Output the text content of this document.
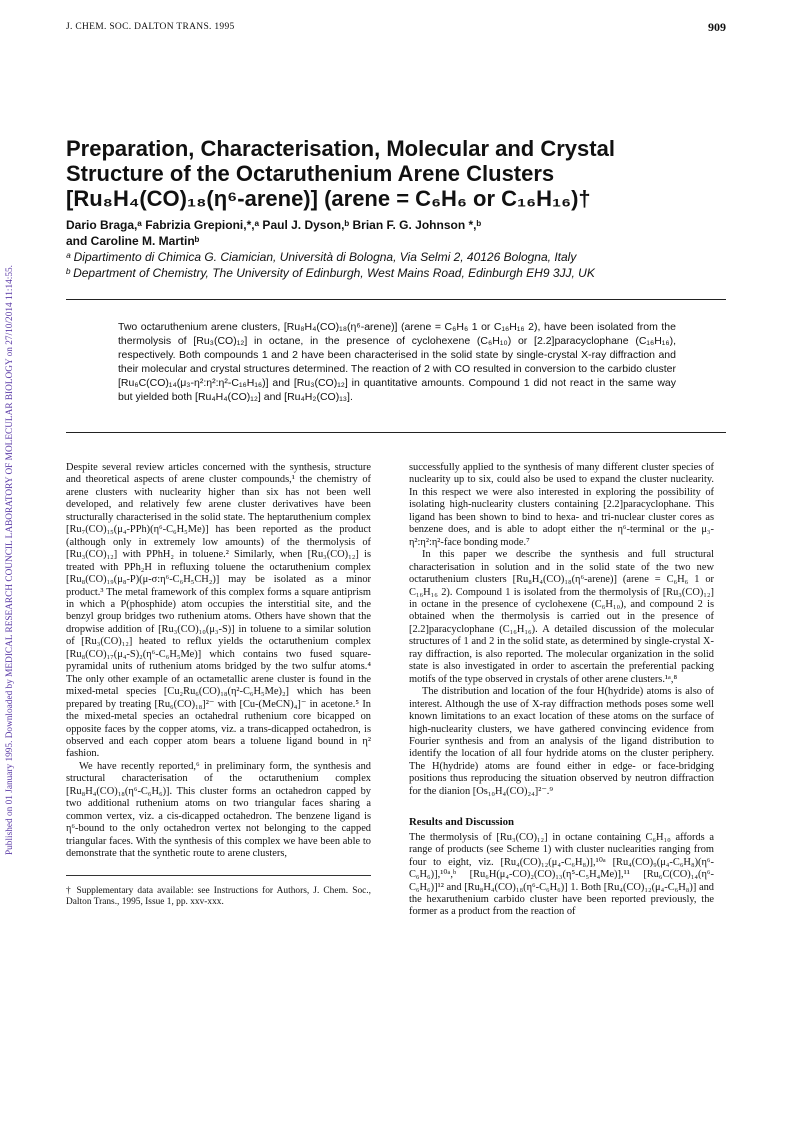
Published on 01 January 1995. Downloaded by MEDICAL RESEARCH COUNCIL LABORATORY OF MOLECULAR BIOLOGY on 27/10/2014 11:14:55.
J. CHEM. SOC. DALTON TRANS. 1995	909
Preparation, Characterisation, Molecular and Crystal
Structure of the Octaruthenium Arene Clusters
[Ru₈H₄(CO)₁₈(η⁶-arene)] (arene = C₆H₆ or C₁₆H₁₆)†
Dario Braga,ᵃ Fabrizia Grepioni,*,ᵃ Paul J. Dyson,ᵇ Brian F. G. Johnson *,ᵇ
and Caroline M. Martinᵇ
ᵃ Dipartimento di Chimica G. Ciamician, Università di Bologna, Via Selmi 2, 40126 Bologna, Italy
ᵇ Department of Chemistry, The University of Edinburgh, West Mains Road, Edinburgh EH9 3JJ, UK
Two octaruthenium arene clusters, [Ru₈H₄(CO)₁₈(η⁶-arene)] (arene = C₆H₆ 1 or C₁₆H₁₆ 2), have been isolated from the thermolysis of [Ru₃(CO)₁₂] in octane, in the presence of cyclohexene (C₆H₁₀) or [2.2]paracyclophane (C₁₆H₁₆), respectively. Both compounds 1 and 2 have been characterised in the solid state by single-crystal X-ray diffraction and their molecular and crystal structures determined. The reaction of 2 with CO resulted in conversion to the carbido cluster [Ru₆C(CO)₁₄(μ₃-η²:η²:η²-C₁₆H₁₆)] and [Ru₃(CO)₁₂] in quantitative amounts. Compound 1 did not react in the same way but yielded both [Ru₄H₄(CO)₁₂] and [Ru₄H₂(CO)₁₃].

Despite several review articles concerned with the synthesis, structure and theoretical aspects of arene cluster compounds,¹ the chemistry of arene clusters with nuclearity higher than six has not been well developed, and relatively few arene cluster derivatives have been structurally characterised in the solid state. The heptaruthenium complex [Ru₇(CO)₁₅(μ₄-PPh)(η⁶-C₆H₅Me)] has been reported as the product (although only in extremely low amounts) of the thermolysis of [Ru₃(CO)₁₂] with PPhH₂ in toluene.² Similarly, when [Ru₃(CO)₁₂] is treated with PPh₂H in refluxing toluene the octaruthenium complex [Ru₈(CO)₁₉(μ₈-P)(μ-σ:η⁶-C₆H₅CH₂)] may be isolated as a minor product.³ The metal framework of this complex forms a square antiprism in which a P(phosphide) atom occupies the interstitial site, and the benzyl group bridges two ruthenium atoms. Others have shown that the dropwise addition of [Ru₃(CO)₁₀(μ₃-S)] in toluene to a similar solution of [Ru₃(CO)₁₂] heated to reflux yields the octaruthenium complex [Ru₈(CO)₁₇(μ₄-S)₂(η⁶-C₆H₅Me)] which contains two fused square-pyramidal units of ruthenium atoms bridged by the two sulfur atoms.⁴ The only other example of an octametallic arene cluster is found in the mixed-metal species [Cu₂Ru₆(CO)₁₈(η²-C₆H₅Me)₂] which has been prepared by treating [Ru₆(CO)₁₈]²⁻ with [Cu-(MeCN)₄]⁻ in acetone.⁵ In the mixed-metal species an octahedral ruthenium core bicapped on opposite faces by the copper atoms, viz. a trans-dicapped octahedron, is observed and each copper atom bears a toluene ligand bound in η² fashion.

We have recently reported,⁶ in preliminary form, the synthesis and structural characterisation of the octaruthenium complex [Ru₈H₄(CO)₁₈(η⁶-C₆H₆)]. This cluster forms an octahedron capped by two additional ruthenium atoms on two triangular faces sharing a common vertex, viz. a cis-dicapped octahedron. The benzene ligand is η⁶-bound to the only octahedron vertex not belonging to the capped triangular faces. With the synthesis of this complex we have been able to demonstrate that the synthetic route to arene clusters,

† Supplementary data available: see Instructions for Authors, J. Chem. Soc., Dalton Trans., 1995, Issue 1, pp. xxv-xxx.

successfully applied to the synthesis of many different cluster species of nuclearity up to six, could also be used to expand the cluster nuclearity. In this respect we were also interested in exploring the possibility of isolating high-nuclearity clusters containing [2.2]paracyclophane. This ligand has been shown to bind to hexa- and tri-nuclear cluster cores as benzene does, and is able to adopt either the η⁶-terminal or the μ₃-η²:η²:η²-face bonding mode.⁷

In this paper we describe the synthesis and full structural characterisation in solution and in the solid state of the two new octaruthenium clusters [Ru₈H₄(CO)₁₈(η⁶-arene)] (arene = C₆H₆ 1 or C₁₆H₁₆ 2). Compound 1 is isolated from the thermolysis of [Ru₃(CO)₁₂] in octane in the presence of cyclohexene (C₆H₁₀), and compound 2 is obtained when the thermolysis is carried out in the presence of [2.2]paracyclophane (C₁₆H₁₆). A detailed discussion of the molecular structures of 1 and 2 in the solid state, as determined by single-crystal X-ray diffraction, is also reported. The molecular organization in the solid state is also investigated in order to ascertain the preferential packing motifs of the type observed in crystals of other arene clusters.¹ᵃ,⁸

The distribution and location of the four H(hydride) atoms is also of interest. Although the use of X-ray diffraction methods poses some well known limitations to an exact location of these atoms on the surface of high-nuclearity clusters, we have gathered convincing evidence from Fourier synthesis and from an analysis of the ligand distribution to identify the location of all four hydride atoms on the cluster periphery. The H(hydride) atoms are found either in edge- or face-bridging positions thus reproducing the situation observed by neutron diffraction for the dianion [Os₁₀H₄(CO)₂₄]²⁻.⁹

Results and Discussion

The thermolysis of [Ru₃(CO)₁₂] in octane containing C₆H₁₀ affords a range of products (see Scheme 1) with cluster nuclearities ranging from four to eight, viz. [Ru₄(CO)₁₂(μ₄-C₆H₈)],¹⁰ᵃ [Ru₄(CO)₉(μ₄-C₆H₈)(η⁶-C₆H₆)],¹⁰ᵃ,ᵇ [Ru₆H(μ₄-CO)₂(CO)₁₃(η⁵-C₅H₄Me)],¹¹ [Ru₆C(CO)₁₄(η⁶-C₆H₆)]¹² and [Ru₈H₄(CO)₁₈(η⁶-C₆H₆)] 1. Both [Ru₄(CO)₁₂(μ₄-C₆H₈)] and the hexaruthenium carbido cluster have been reported previously, the former as a product from the reaction of
